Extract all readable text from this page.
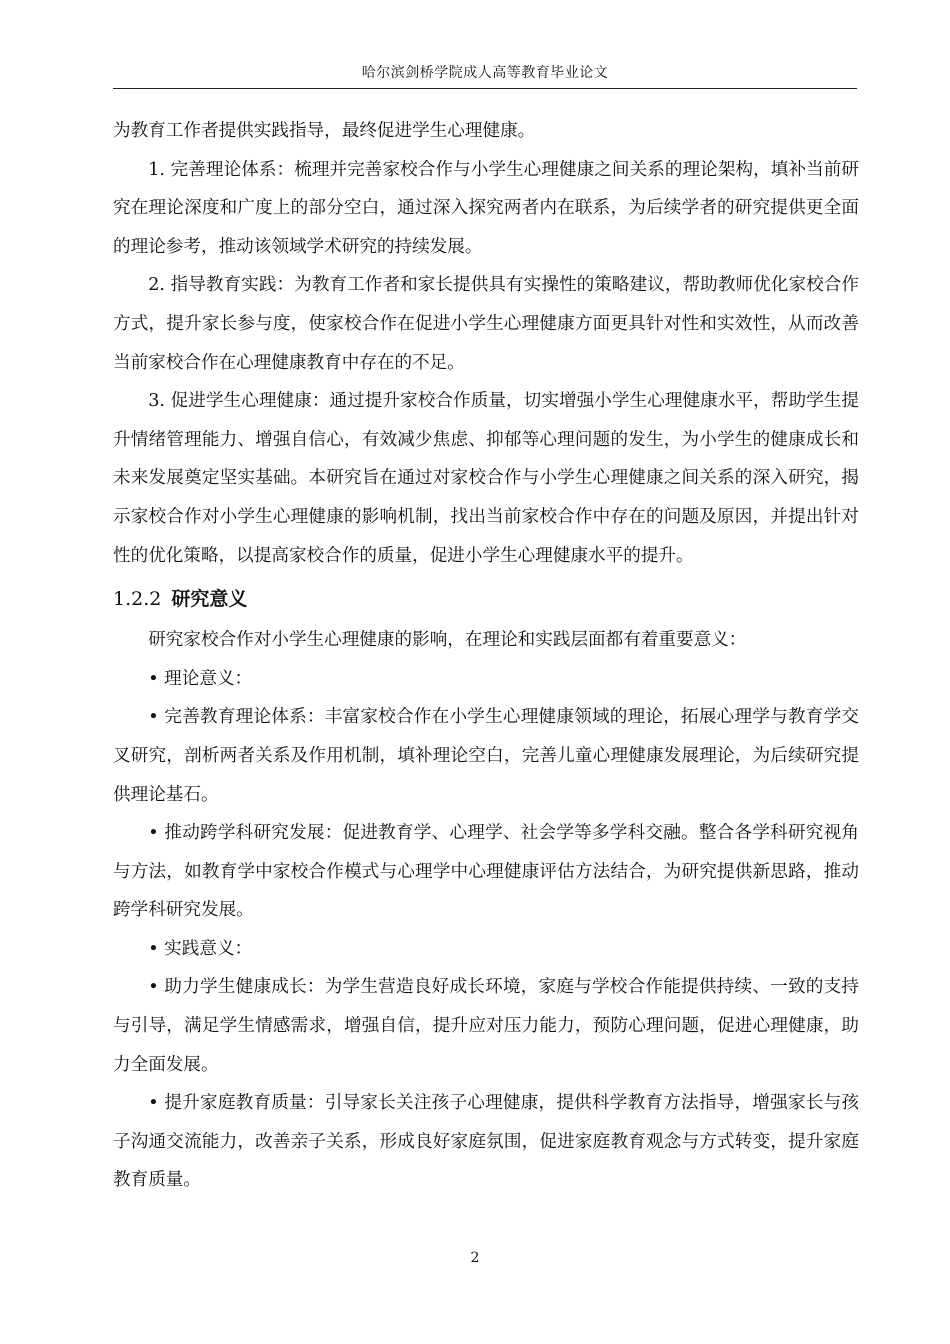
哈尔滨剑桥学院成人高等教育毕业论文

为教育工作者提供实践指导，最终促进学生心理健康。

1. 完善理论体系：梳理并完善家校合作与小学生心理健康之间关系的理论架构，填补当前研究在理论深度和广度上的部分空白，通过深入探究两者内在联系，为后续学者的研究提供更全面的理论参考，推动该领域学术研究的持续发展。

2. 指导教育实践：为教育工作者和家长提供具有实操性的策略建议，帮助教师优化家校合作方式，提升家长参与度，使家校合作在促进小学生心理健康方面更具针对性和实效性，从而改善当前家校合作在心理健康教育中存在的不足。

3. 促进学生心理健康：通过提升家校合作质量，切实增强小学生心理健康水平，帮助学生提升情绪管理能力、增强自信心，有效减少焦虑、抑郁等心理问题的发生，为小学生的健康成长和未来发展奠定坚实基础。本研究旨在通过对家校合作与小学生心理健康之间关系的深入研究，揭示家校合作对小学生心理健康的影响机制，找出当前家校合作中存在的问题及原因，并提出针对性的优化策略，以提高家校合作的质量，促进小学生心理健康水平的提升。

1.2.2 研究意义

研究家校合作对小学生心理健康的影响，在理论和实践层面都有着重要意义：

• 理论意义：

• 完善教育理论体系：丰富家校合作在小学生心理健康领域的理论，拓展心理学与教育学交叉研究，剖析两者关系及作用机制，填补理论空白，完善儿童心理健康发展理论，为后续研究提供理论基石。

• 推动跨学科研究发展：促进教育学、心理学、社会学等多学科交融。整合各学科研究视角与方法，如教育学中家校合作模式与心理学中心理健康评估方法结合，为研究提供新思路，推动跨学科研究发展。

• 实践意义：

• 助力学生健康成长：为学生营造良好成长环境，家庭与学校合作能提供持续、一致的支持与引导，满足学生情感需求，增强自信，提升应对压力能力，预防心理问题，促进心理健康，助力全面发展。

• 提升家庭教育质量：引导家长关注孩子心理健康，提供科学教育方法指导，增强家长与孩子沟通交流能力，改善亲子关系，形成良好家庭氛围，促进家庭教育观念与方式转变，提升家庭教育质量。

2
